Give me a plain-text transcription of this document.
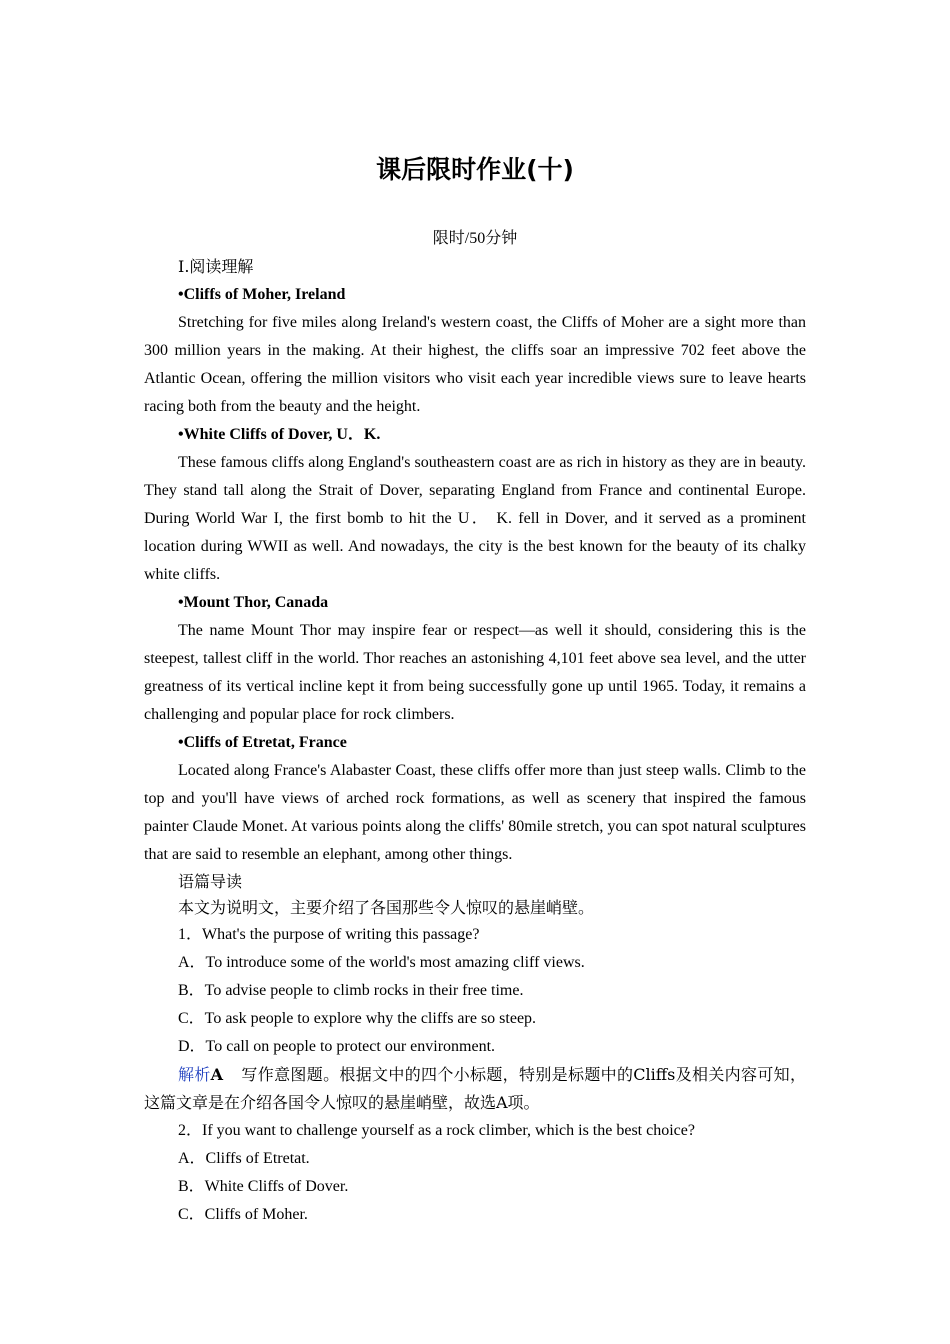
课后限时作业(十)
限时/50分钟

Ⅰ.阅读理解

•Cliffs of Moher, Ireland

Stretching for five miles along Ireland's western coast, the Cliffs of Moher are a sight more than 300 million years in the making. At their highest, the cliffs soar an impressive 702 feet above the Atlantic Ocean, offering the million visitors who visit each year incredible views sure to leave hearts racing both from the beauty and the height.

•White Cliffs of Dover, U．K.

These famous cliffs along England's southeastern coast are as rich in history as they are in beauty. They stand tall along the Strait of Dover, separating England from France and continental Europe. During World War I, the first bomb to hit the U． K. fell in Dover, and it served as a prominent location during WWII as well. And nowadays, the city is the best known for the beauty of its chalky white cliffs.

•Mount Thor, Canada

The name Mount Thor may inspire fear or respect—as well it should, considering this is the steepest, tallest cliff in the world. Thor reaches an astonishing 4,101 feet above sea level, and the utter greatness of its vertical incline kept it from being successfully gone up until 1965. Today, it remains a challenging and popular place for rock climbers.

•Cliffs of Etretat, France

Located along France's Alabaster Coast, these cliffs offer more than just steep walls. Climb to the top and you'll have views of arched rock formations, as well as scenery that inspired the famous painter Claude Monet. At various points along the cliffs' 80mile stretch, you can spot natural sculptures that are said to resemble an elephant, among other things.

语篇导读

本文为说明文，主要介绍了各国那些令人惊叹的悬崖峭壁。

1．What's the purpose of writing this passage?

A．To introduce some of the world's most amazing cliff views.

B．To advise people to climb rocks in their free time.

C．To ask people to explore why the cliffs are so steep.

D．To call on people to protect our environment.

解析A 写作意图题。根据文中的四个小标题，特别是标题中的Cliffs及相关内容可知，这篇文章是在介绍各国令人惊叹的悬崖峭壁，故选A项。

2．If you want to challenge yourself as a rock climber, which is the best choice?

A．Cliffs of Etretat.

B．White Cliffs of Dover.

C．Cliffs of Moher.
